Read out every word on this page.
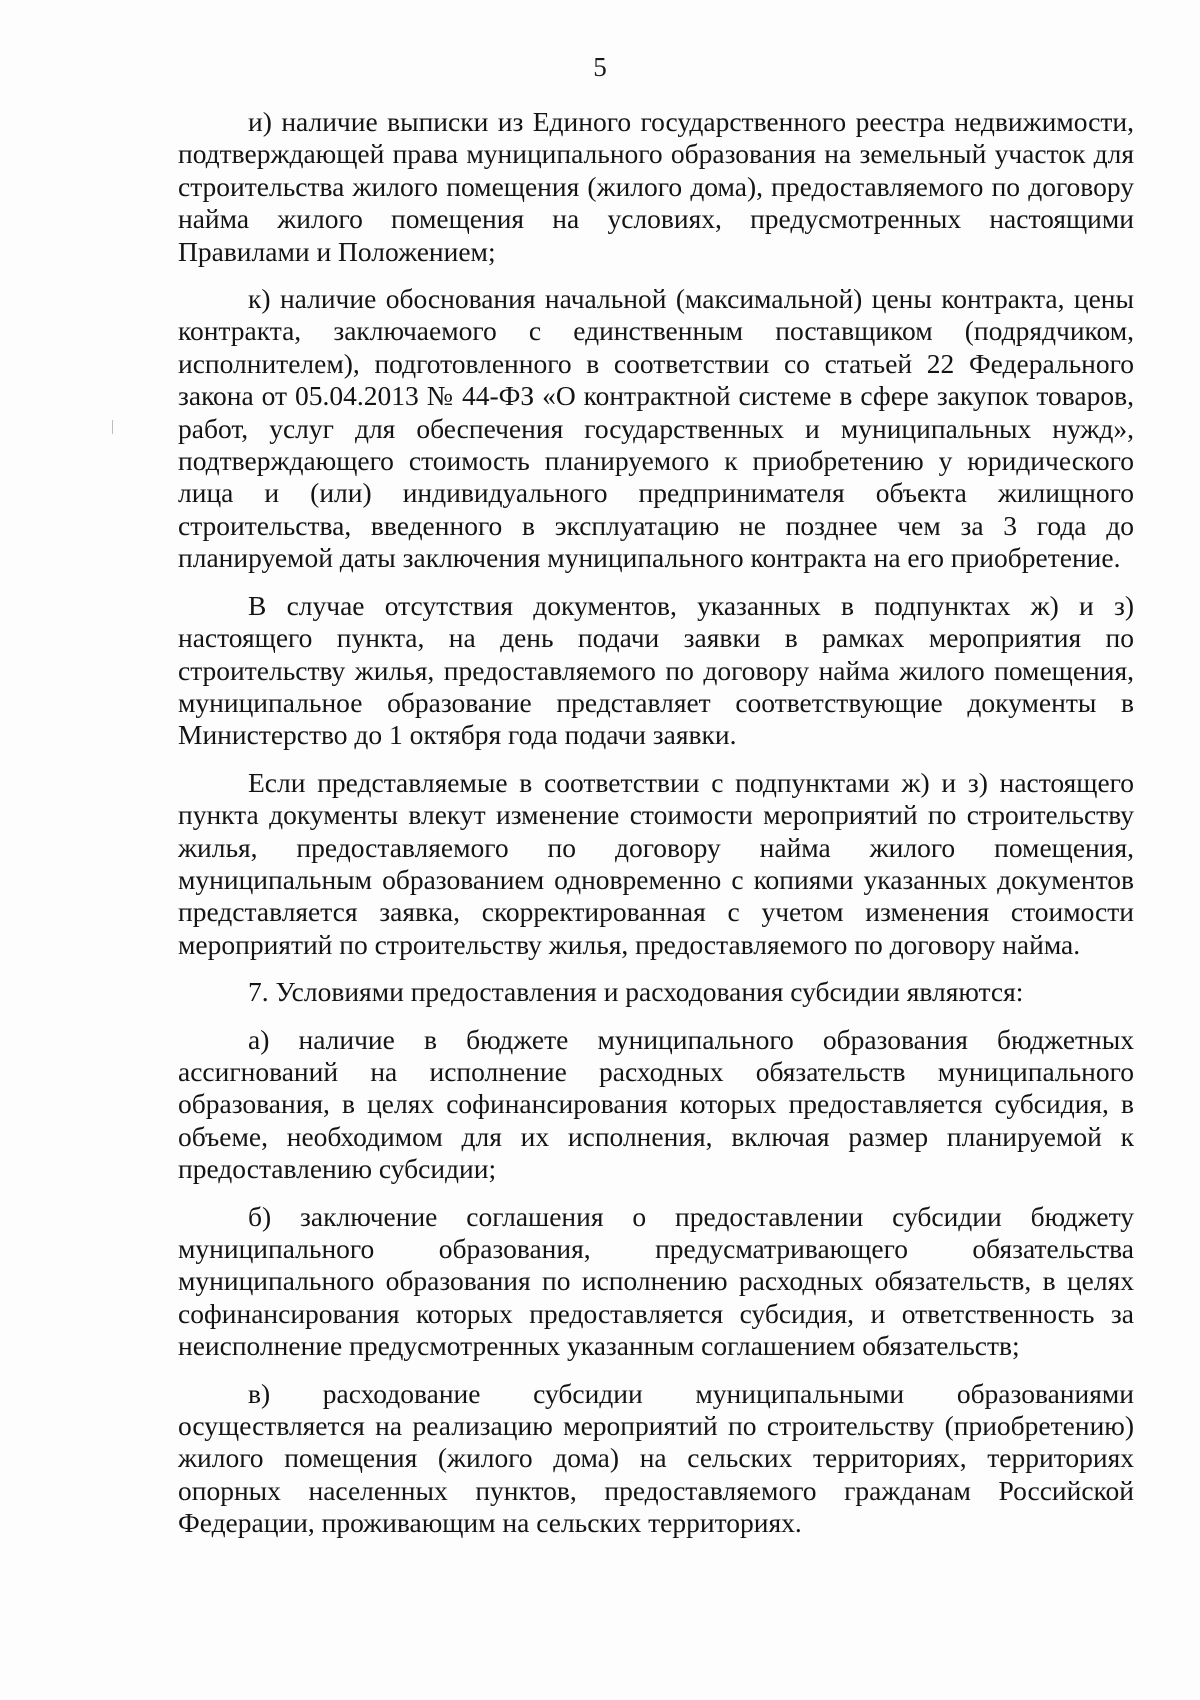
5

и) наличие выписки из Единого государственного реестра недвижимости, подтверждающей права муниципального образования на земельный участок для строительства жилого помещения (жилого дома), предоставляемого по договору найма жилого помещения на условиях, предусмотренных настоящими Правилами и Положением;

к) наличие обоснования начальной (максимальной) цены контракта, цены контракта, заключаемого с единственным поставщиком (подрядчиком, исполнителем), подготовленного в соответствии со статьей 22 Федерального закона от 05.04.2013 № 44-ФЗ «О контрактной системе в сфере закупок товаров, работ, услуг для обеспечения государственных и муниципальных нужд», подтверждающего стоимость планируемого к приобретению у юридического лица и (или) индивидуального предпринимателя объекта жилищного строительства, введенного в эксплуатацию не позднее чем за 3 года до планируемой даты заключения муниципального контракта на его приобретение.

В случае отсутствия документов, указанных в подпунктах ж) и з) настоящего пункта, на день подачи заявки в рамках мероприятия по строительству жилья, предоставляемого по договору найма жилого помещения, муниципальное образование представляет соответствующие документы в Министерство до 1 октября года подачи заявки.

Если представляемые в соответствии с подпунктами ж) и з) настоящего пункта документы влекут изменение стоимости мероприятий по строительству жилья, предоставляемого по договору найма жилого помещения, муниципальным образованием одновременно с копиями указанных документов представляется заявка, скорректированная с учетом изменения стоимости мероприятий по строительству жилья, предоставляемого по договору найма.

7. Условиями предоставления и расходования субсидии являются:

а) наличие в бюджете муниципального образования бюджетных ассигнований на исполнение расходных обязательств муниципального образования, в целях софинансирования которых предоставляется субсидия, в объеме, необходимом для их исполнения, включая размер планируемой к предоставлению субсидии;

б) заключение соглашения о предоставлении субсидии бюджету муниципального образования, предусматривающего обязательства муниципального образования по исполнению расходных обязательств, в целях софинансирования которых предоставляется субсидия, и ответственность за неисполнение предусмотренных указанным соглашением обязательств;

в) расходование субсидии муниципальными образованиями осуществляется на реализацию мероприятий по строительству (приобретению) жилого помещения (жилого дома) на сельских территориях, территориях опорных населенных пунктов, предоставляемого гражданам Российской Федерации, проживающим на сельских территориях.
